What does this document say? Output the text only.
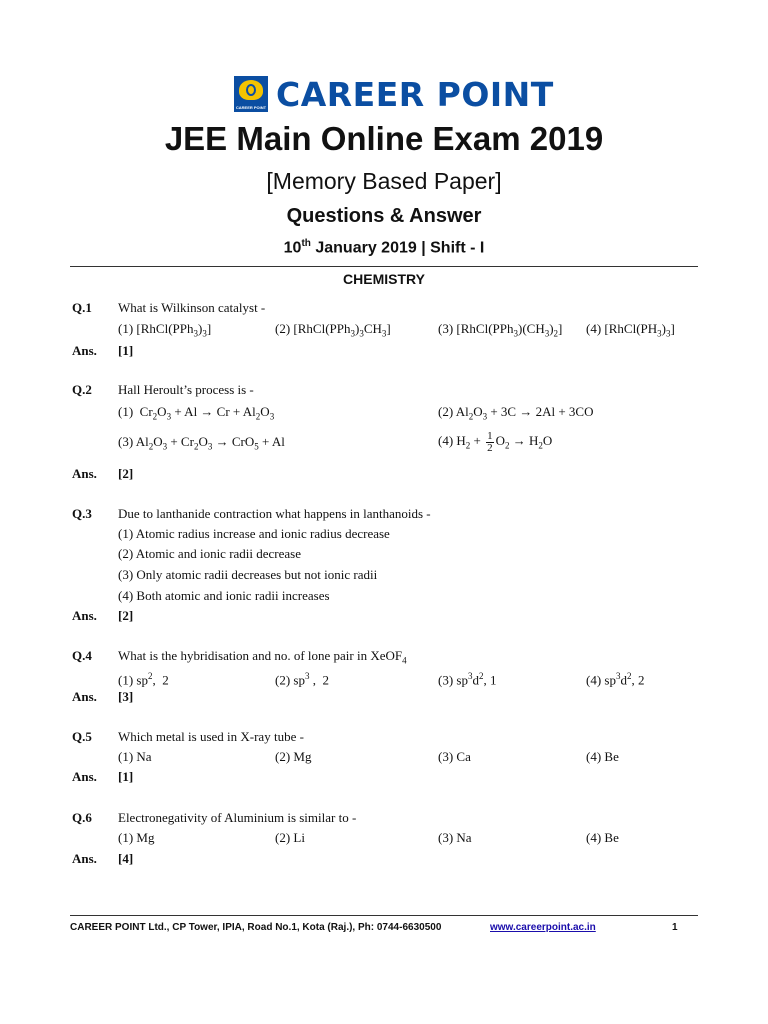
CAREER POINT CAREER POINT
JEE Main Online Exam 2019
[Memory Based Paper]
Questions & Answer
10th January 2019 | Shift - I
CHEMISTRY
Q.1 What is Wilkinson catalyst -
(1) $[RhCl(PPh_3)_3]$	(2) $[RhCl(PPh_3)_3CH_3]$	(3) $[RhCl(PPh_3)(CH_3)_2]$ (4) $[RhCl(PH_3)_3]$
Ans. [1]
Q.2 Hall Heroult’s process is -
(1)  $Cr_2O_3 + Al \to Cr + Al_2O_3$	(2) $Al_2O_3 + 3C \to 2Al + 3CO$
(3) $Al_2O_3 + Cr_2O_3 \to CrO_5 + Al$	(4) $H_2 + \frac{1}{2} O_2 \to H_2O$
Ans. [2]
Q.3 Due to lanthanide contraction what happens in lanthanoids -
(1) Atomic radius increase and ionic radius decrease
(2) Atomic and ionic radii decrease
(3) Only atomic radii decreases but not ionic radii
(4) Both atomic and ionic radii increases
Ans. [2]
Q.4 What is the hybridisation and no. of lone pair in XeOF$_4$
(1) $sp^2$,  2	(2) $sp^3$ ,  2	(3) $sp^3d^2$, 1	(4) $sp^3d^2$, 2
Ans. [3]
Q.5 Which metal is used in X-ray tube -
(1) Na	(2) Mg	(3) Ca	(4) Be
Ans. [1]
Q.6 Electronegativity of Aluminium is similar to -
(1) Mg	(2) Li	(3) Na	(4) Be
Ans. [4]
CAREER POINT Ltd., CP Tower, IPIA, Road No.1, Kota (Raj.), Ph: 0744-6630500	www.careerpoint.ac.in	1
